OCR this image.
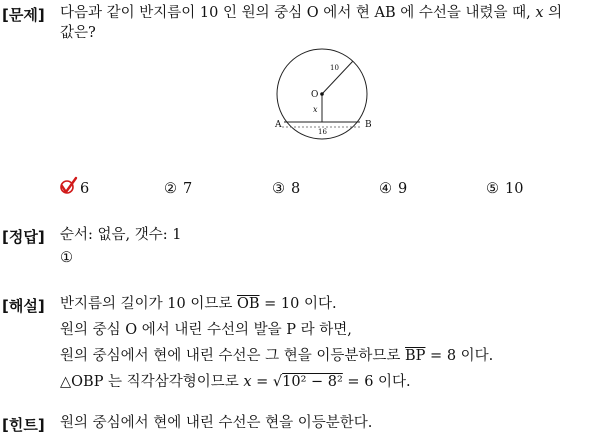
[문제] 다음과 같이 반지름이 10 인 원의 중심 O 에서 현 AB 에 수선을 내렸을 때, x 의
값은?
O
A	B
x
10
16
6	② 7	③ 8	④ 9	⑤ 10
[정답] 순서: 없음, 갯수: 1
①
[해설] 반지름의 길이가 10 이므로 $\overline{OB} = 10$ 이다.
원의 중심 O 에서 내린 수선의 발을 P 라 하면,
원의 중심에서 현에 내린 수선은 그 현을 이등분하므로 $\overline{BP} = 8$ 이다.
△OBP 는 직각삼각형이므로 x = √10² − 8² = 6 이다.
[힌트] 원의 중심에서 현에 내린 수선은 현을 이등분한다.
